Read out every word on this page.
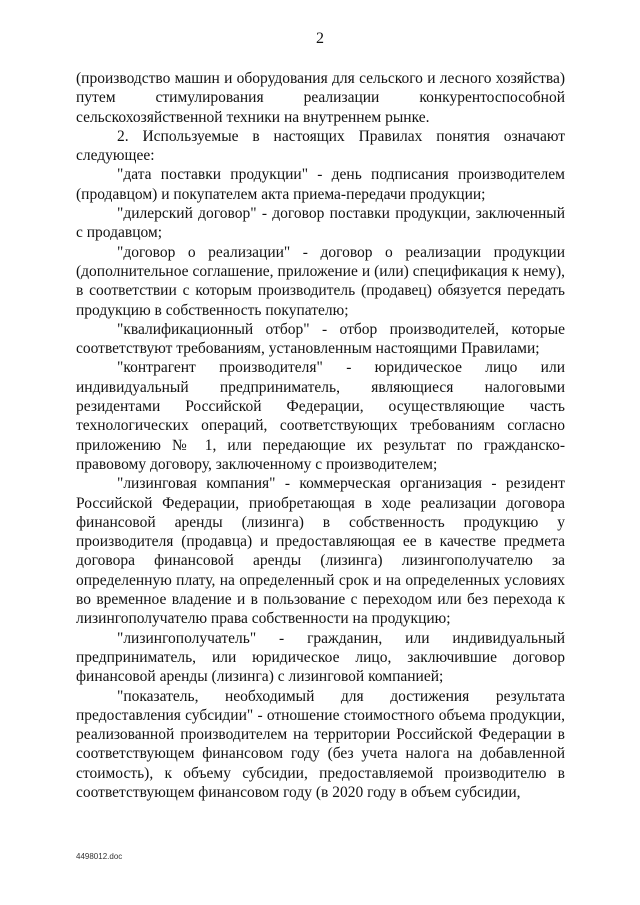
2

(производство машин и оборудования для сельского и лесного хозяйства) путем стимулирования реализации конкурентоспособной сельскохозяйственной техники на внутреннем рынке.

2. Используемые в настоящих Правилах понятия означают следующее:

"дата поставки продукции" - день подписания производителем (продавцом) и покупателем акта приема-передачи продукции;

"дилерский договор" - договор поставки продукции, заключенный с продавцом;

"договор о реализации" - договор о реализации продукции (дополнительное соглашение, приложение и (или) спецификация к нему), в соответствии с которым производитель (продавец) обязуется передать продукцию в собственность покупателю;

"квалификационный отбор" - отбор производителей, которые соответствуют требованиям, установленным настоящими Правилами;

"контрагент производителя" - юридическое лицо или индивидуальный предприниматель, являющиеся налоговыми резидентами Российской Федерации, осуществляющие часть технологических операций, соответствующих требованиям согласно приложению № 1, или передающие их результат по гражданско-правовому договору, заключенному с производителем;

"лизинговая компания" - коммерческая организация - резидент Российской Федерации, приобретающая в ходе реализации договора финансовой аренды (лизинга) в собственность продукцию у производителя (продавца) и предоставляющая ее в качестве предмета договора финансовой аренды (лизинга) лизингополучателю за определенную плату, на определенный срок и на определенных условиях во временное владение и в пользование с переходом или без перехода к лизингополучателю права собственности на продукцию;

"лизингополучатель" - гражданин, или индивидуальный предприниматель, или юридическое лицо, заключившие договор финансовой аренды (лизинга) с лизинговой компанией;

"показатель, необходимый для достижения результата предоставления субсидии" - отношение стоимостного объема продукции, реализованной производителем на территории Российской Федерации в соответствующем финансовом году (без учета налога на добавленной стоимость), к объему субсидии, предоставляемой производителю в соответствующем финансовом году (в 2020 году в объем субсидии,

4498012.doc
